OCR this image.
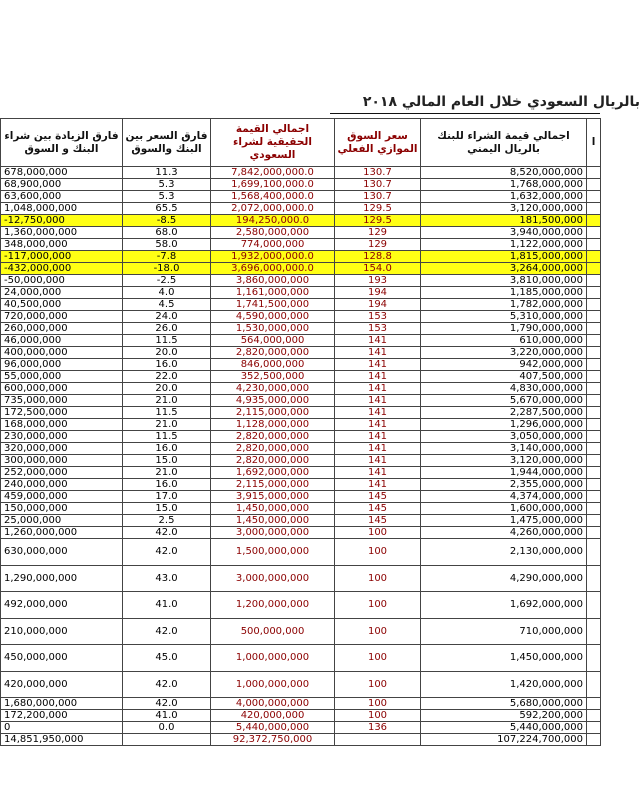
بالريال السعودي خلال العام المالي ٢٠١٨
فارق الزيادة بين شراء البنك و السوق	فارق السعر بين البنك والسوق	اجمالي القيمة الحقيقية لشراء السعودي	سعر السوق الموازي الفعلي	اجمالي قيمة الشراء للبنك بالريال اليمني	ا
678,000,000	11.3	7,842,000,000.0	130.7	8,520,000,000	
68,900,000	5.3	1,699,100,000.0	130.7	1,768,000,000	
63,600,000	5.3	1,568,400,000.0	130.7	1,632,000,000	
1,048,000,000	65.5	2,072,000,000.0	129.5	3,120,000,000	
-12,750,000	-8.5	194,250,000.0	129.5	181,500,000	
1,360,000,000	68.0	2,580,000,000	129	3,940,000,000	
348,000,000	58.0	774,000,000	129	1,122,000,000	
-117,000,000	-7.8	1,932,000,000.0	128.8	1,815,000,000	
-432,000,000	-18.0	3,696,000,000.0	154.0	3,264,000,000	
-50,000,000	-2.5	3,860,000,000	193	3,810,000,000	
24,000,000	4.0	1,161,000,000	194	1,185,000,000	
40,500,000	4.5	1,741,500,000	194	1,782,000,000	
720,000,000	24.0	4,590,000,000	153	5,310,000,000	
260,000,000	26.0	1,530,000,000	153	1,790,000,000	
46,000,000	11.5	564,000,000	141	610,000,000	
400,000,000	20.0	2,820,000,000	141	3,220,000,000	
96,000,000	16.0	846,000,000	141	942,000,000	
55,000,000	22.0	352,500,000	141	407,500,000	
600,000,000	20.0	4,230,000,000	141	4,830,000,000	
735,000,000	21.0	4,935,000,000	141	5,670,000,000	
172,500,000	11.5	2,115,000,000	141	2,287,500,000	
168,000,000	21.0	1,128,000,000	141	1,296,000,000	
230,000,000	11.5	2,820,000,000	141	3,050,000,000	
320,000,000	16.0	2,820,000,000	141	3,140,000,000	
300,000,000	15.0	2,820,000,000	141	3,120,000,000	
252,000,000	21.0	1,692,000,000	141	1,944,000,000	
240,000,000	16.0	2,115,000,000	141	2,355,000,000	
459,000,000	17.0	3,915,000,000	145	4,374,000,000	
150,000,000	15.0	1,450,000,000	145	1,600,000,000	
25,000,000	2.5	1,450,000,000	145	1,475,000,000	
1,260,000,000	42.0	3,000,000,000	100	4,260,000,000	
630,000,000	42.0	1,500,000,000	100	2,130,000,000	
1,290,000,000	43.0	3,000,000,000	100	4,290,000,000	
492,000,000	41.0	1,200,000,000	100	1,692,000,000	
210,000,000	42.0	500,000,000	100	710,000,000	
450,000,000	45.0	1,000,000,000	100	1,450,000,000	
420,000,000	42.0	1,000,000,000	100	1,420,000,000	
1,680,000,000	42.0	4,000,000,000	100	5,680,000,000	
172,200,000	41.0	420,000,000	100	592,200,000	
0	0.0	5,440,000,000	136	5,440,000,000	
14,851,950,000		92,372,750,000		107,224,700,000	
